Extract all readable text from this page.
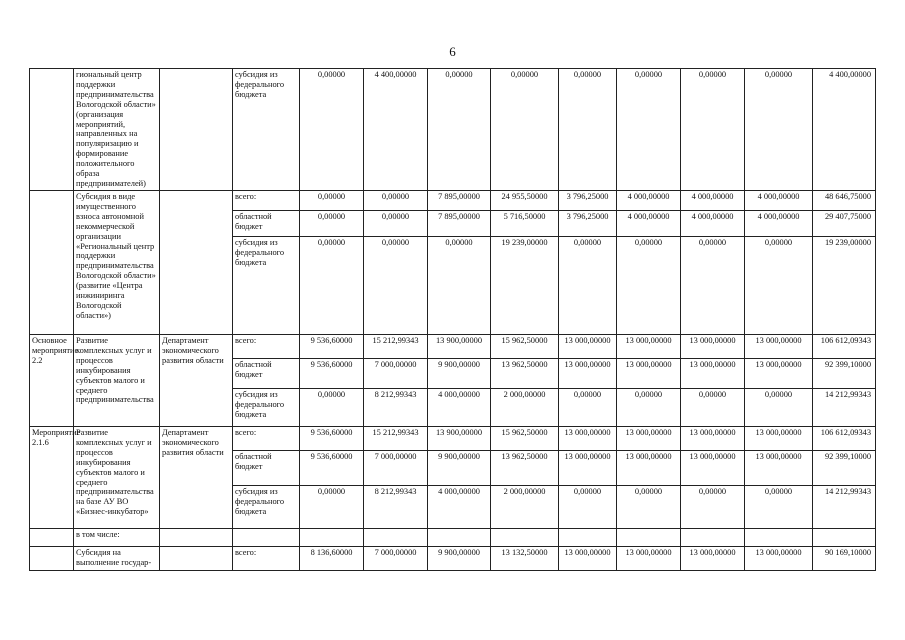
6
	гиональный центр поддержки предпринимательства Вологодской области» (организация мероприятий, направленных на популяризацию и формирование положительного образа предпринимателей)		субсидия из федерального бюджета	0,00000	4 400,00000	0,00000	0,00000	0,00000	0,00000	0,00000	0,00000	4 400,00000
	Субсидия в виде имущественного взноса автономной некоммерческой организации «Региональный центр поддержки предпринимательства Вологодской области» (развитие «Центра инжиниринга Вологодской области»)		всего:	0,00000	0,00000	7 895,00000	24 955,50000	3 796,25000	4 000,00000	4 000,00000	4 000,00000	48 646,75000
			областной бюджет	0,00000	0,00000	7 895,00000	5 716,50000	3 796,25000	4 000,00000	4 000,00000	4 000,00000	29 407,75000
			субсидия из федерального бюджета	0,00000	0,00000	0,00000	19 239,00000	0,00000	0,00000	0,00000	0,00000	19 239,00000
Основное мероприятие 2.2	Развитие комплексных услуг и процессов инкубирования субъектов малого и среднего предпринимательства	Департамент экономического развития области	всего:	9 536,60000	15 212,99343	13 900,00000	15 962,50000	13 000,00000	13 000,00000	13 000,00000	13 000,00000	106 612,09343
			областной бюджет	9 536,60000	7 000,00000	9 900,00000	13 962,50000	13 000,00000	13 000,00000	13 000,00000	13 000,00000	92 399,10000
			субсидия из федерального бюджета	0,00000	8 212,99343	4 000,00000	2 000,00000	0,00000	0,00000	0,00000	0,00000	14 212,99343
Мероприятие 2.1.6	Развитие комплексных услуг и процессов инкубирования субъектов малого и среднего предпринимательства на базе АУ ВО «Бизнес-инкубатор»	Департамент экономического развития области	всего:	9 536,60000	15 212,99343	13 900,00000	15 962,50000	13 000,00000	13 000,00000	13 000,00000	13 000,00000	106 612,09343
			областной бюджет	9 536,60000	7 000,00000	9 900,00000	13 962,50000	13 000,00000	13 000,00000	13 000,00000	13 000,00000	92 399,10000
			субсидия из федерального бюджета	0,00000	8 212,99343	4 000,00000	2 000,00000	0,00000	0,00000	0,00000	0,00000	14 212,99343
	в том числе:											
	Субсидия на выполнение государ-		всего:	8 136,60000	7 000,00000	9 900,00000	13 132,50000	13 000,00000	13 000,00000	13 000,00000	13 000,00000	90 169,10000
